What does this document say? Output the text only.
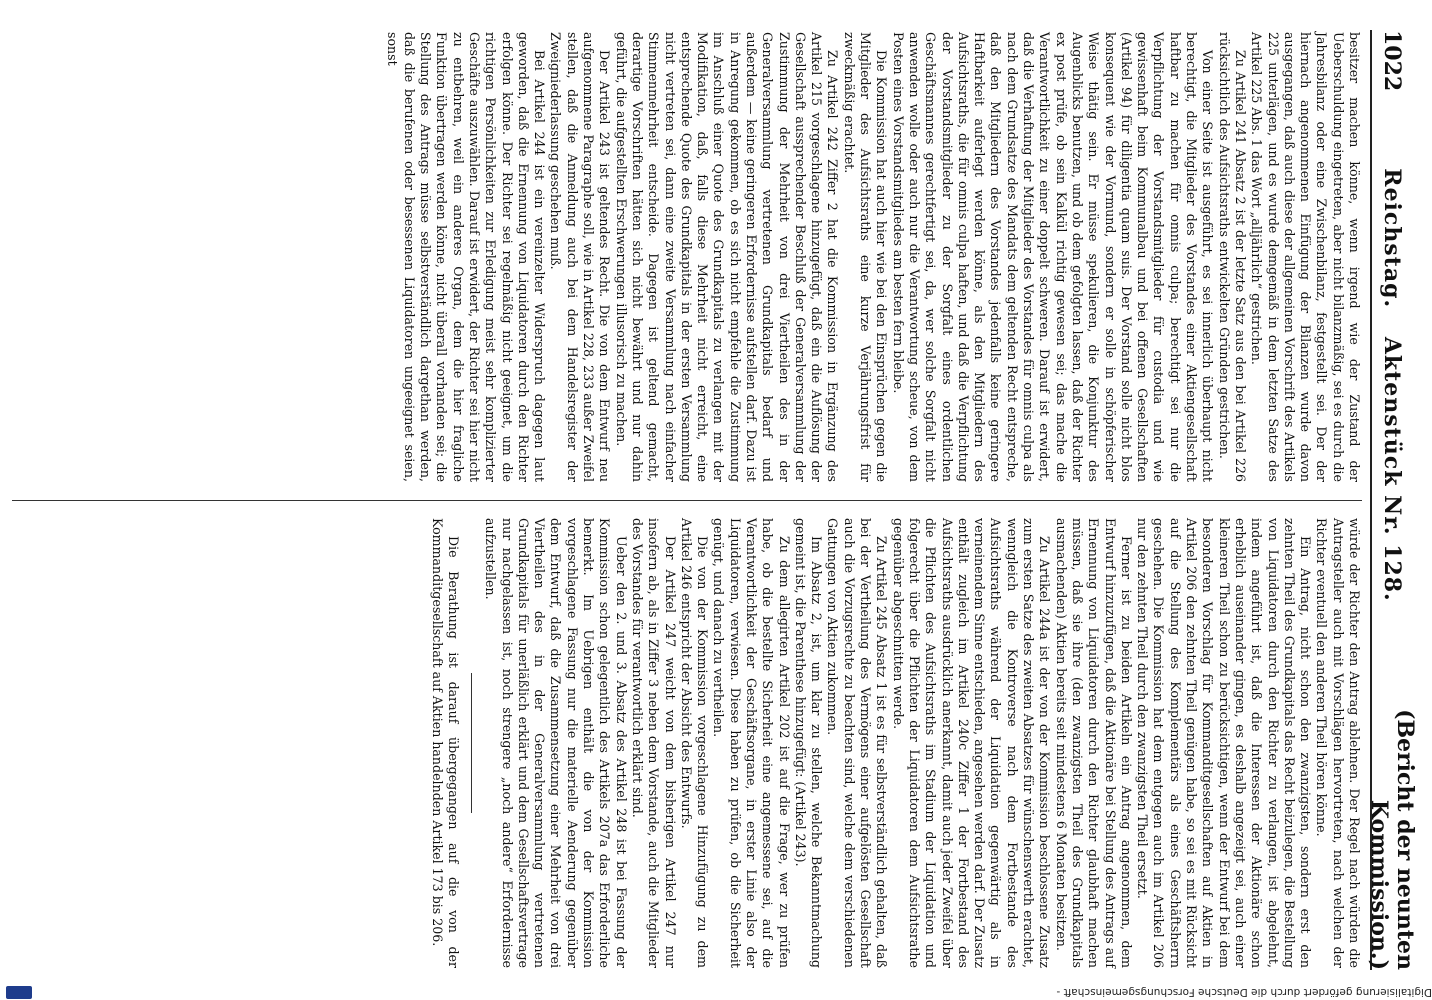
1022
Reichstag. Aktenstück Nr. 128.
(Bericht der neunten Kommission.)

besitzer machen könne, wenn irgend wie der Zustand der Ueberschuldung eingetreten, aber nicht bilanzmäßig, sei es durch die Jahresbilanz oder eine Zwischenbilanz, festgestellt sei. Der der hiernach angenommenen Einfügung der Bilanzen wurde davon ausgegangen, daß auch diese der allgemeinen Vorschrift des Artikels 225 unterlägen, und es wurde demgemäß in dem letzten Satze des Artikel 225 Abs. 1 das Wort „alljährlich“ gestrichen.

Zu Artikel 241 Absatz 2 ist der letzte Satz aus den bei Artikel 226 rücksichtlich des Aufsichtsraths entwickelten Gründen gestrichen.

Von einer Seite ist ausgeführt, es sei innerlich überhaupt nicht berechtigt, die Mitglieder des Vorstandes einer Aktiengesellschaft haftbar zu machen für omnis culpa; berechtigt sei nur die Verpflichtung der Vorstandsmitglieder für custodia und wie gewissenhaft beim Kommunalbau und bei offenen Gesellschaften (Artikel 94) für diligentia quam suis. Der Vorstand solle nicht blos konsequent wie der Vormund, sondern er solle in schöpferischer Weise thätig sein. Er müsse spekulieren, die Konjunktur des Augenblicks benutzen, und ob dem gefolgten lassen, daß der Richter ex post prüfe, ob sein Kalkül richtig gewesen sei; das mache die Verantwortlichkeit zu einer doppelt schweren. Darauf ist erwidert, daß die Verhaftung der Mitglieder des Vorstandes für omnis culpa als nach dem Grundsatze des Mandats dem geltenden Recht entspreche, daß den Mitgliedern des Vorstandes jedenfalls keine geringere Haftbarkeit auferlegt werden könne, als den Mitgliedern des Aufsichtsraths, die für omnis culpa haften, und daß die Verpflichtung der Vorstandsmitglieder zu der Sorgfalt eines ordentlichen Geschäftsmannes gerechtfertigt sei, da, wer solche Sorgfalt nicht anwenden wolle oder auch nur die Verantwortung scheue, von dem Posten eines Vorstandsmitgliedes am besten fern bleibe.

Die Kommission hat auch hier wie bei den Einsprüchen gegen die Mitglieder des Aufsichtsraths eine kurze Verjährungsfrist für zweckmäßig erachtet.

Zu Artikel 242 Ziffer 2 hat die Kommission in Ergänzung des Artikel 215 vorgeschlagene hinzugefügt, daß ein die Auflösung der Gesellschaft aussprechender Beschluß der Generalversammlung der Zustimmung der Mehrheit von drei Viertheilen des in der Generalversammlung vertretenen Grundkapitals bedarf und außerdem — keine geringeren Erfordernisse aufstellen darf. Dazu ist in Anregung gekommen, ob es sich nicht empfehle die Zustimmung im Anschluß einer Quote des Grundkapitals zu verlangen mit der Modifikation, daß, falls diese Mehrheit nicht erreicht, eine entsprechende Quote des Grundkapitals in der ersten Versammlung nicht vertreten sei, dann eine zweite Versammlung nach einfacher Stimmenmehrheit entscheide. Dagegen ist geltend gemacht, derartige Vorschriften hätten sich nicht bewährt und nur dahin geführt, die aufgestellten Erschwerungen illusorisch zu machen.

Der Artikel 243 ist geltendes Recht. Die von dem Entwurf neu aufgenommene Paragraphe soll, wie in Artikel 228, 233 außer Zweifel stellen, daß die Anmeldung auch bei dem Handelsregister der Zweigniederlassung geschehen muß.

Bei Artikel 244 ist ein vereinzelter Widerspruch dagegen laut geworden, daß die Ernennung von Liquidatoren durch den Richter erfolgen könne. Der Richter sei regelmäßig nicht geeignet, um die richtigen Persönlichkeiten zur Erledigung meist sehr komplizierter Geschäfte auszuwählen. Darauf ist erwidert, der Richter sei hier nicht zu entbehren, weil ein anderes Organ, dem die hier fragliche Funktion übertragen werden könne, nicht überall vorhanden sei; die Stellung des Antrags müsse selbstverständlich dargethan werden, daß die berufenen oder besessenen Liquidatoren ungeeignet seien, sonst

würde der Richter den Antrag ablehnen. Der Regel nach würden die Antragsteller auch mit Vorschlägen hervortreten, nach welchen der Richter eventuell den anderen Theil hören könne.

Ein Antrag, nicht schon den zwanzigsten, sondern erst den zehnten Theil des Grundkapitals das Recht beizulegen, die Bestellung von Liquidatoren durch den Richter zu verlangen, ist abgelehnt, indem angeführt ist, daß die Interessen der Aktionäre schon erheblich auseinander gingen, es deshalb angezeigt sei, auch einer kleineren Theil schon zu berücksichtigen, wenn der Entwurf bei dem besonderen Vorschlag für Kommanditgesellschaften auf Aktien in Artikel 206 den zehnten Theil genügen habe, so sei es mit Rücksicht auf die Stellung des Komplementärs als eines Geschäftsherrn geschehen. Die Kommission hat dem entgegen auch im Artikel 206 nur den zehnten Theil durch den zwanzigsten Theil ersetzt.

Ferner ist zu beiden Artikeln ein Antrag angenommen, dem Entwurf hinzuzufügen, daß die Aktionäre bei Stellung des Antrags auf Ernennung von Liquidatoren durch den Richter glaubhaft machen müssen, daß sie ihre (den zwanzigsten Theil des Grundkapitals ausmachenden) Aktien bereits seit mindestens 6 Monaten besitzen.

Zu Artikel 244a ist der von der Kommission beschlossene Zusatz zum ersten Satze des zweiten Absatzes für wünschenswerth erachtet, wenngleich die Kontroverse nach dem Fortbestande des Aufsichtsraths während der Liquidation gegenwärtig als in verneinendem Sinne entschieden, angesehen werden darf. Der Zusatz enthält zugleich im Artikel 240c Ziffer 1 der Fortbestand des Aufsichtsraths ausdrücklich anerkannt, damit auch jeder Zweifel über die Pflichten des Aufsichtsraths im Stadium der Liquidation und folgerecht über die Pflichten der Liquidatoren dem Aufsichtsrathe gegenüber abgeschnitten werde.

Zu Artikel 245 Absatz 1 ist es für selbstverständlich gehalten, daß bei der Vertheilung des Vermögens einer aufgelösten Gesellschaft auch die Vorzugsrechte zu beachten sind, welche dem verschiedenen Gattungen von Aktien zukommen.

Im Absatz 2, ist, um klar zu stellen, welche Bekanntmachung gemeint ist, die Parenthese hinzugefügt: (Artikel 243).

Zu dem allegirten Artikel 202 ist auf die Frage, wer zu prüfen habe, ob die bestellte Sicherheit eine angemessene sei, auf die Verantwortlichkeit der Geschäftsorgane, in erster Linie also der Liquidatoren, verwiesen. Diese haben zu prüfen, ob die Sicherheit genügt, und danach zu vertheilen.

Die von der Kommission vorgeschlagene Hinzufügung zu dem Artikel 246 entspricht der Absicht des Entwurfs.

Der Artikel 247 weicht von dem bisherigen Artikel 247 nur insofern ab, als in Ziffer 3 neben dem Vorstande, auch die Mitglieder des Vorstandes für verantwortlich erklärt sind.

Ueber den 2. und 3. Absatz des Artikel 248 ist bei Fassung der Kommission schon gelegentlich des Artikels 207a das Erforderliche bemerkt. Im Uebrigen enthält die von der Kommission vorgeschlagene Fassung nur die materielle Aenderung gegenüber dem Entwurf, daß die Zusammensetzung einer Mehrheit von drei Viertheilen des in der Generalversammlung vertretenen Grundkapitals für unerläßlich erklärt und dem Gesellschaftsvertrage nur nachgelassen ist, noch strengere „noch andere“ Erfordernisse aufzustellen.

Die Berathung ist darauf übergegangen auf die von der Kommanditgesellschaft auf Aktien handelnden Artikel 173 bis 206.

Digitalisierung gefördert durch die Deutsche Forschungsgemeinschaft -
